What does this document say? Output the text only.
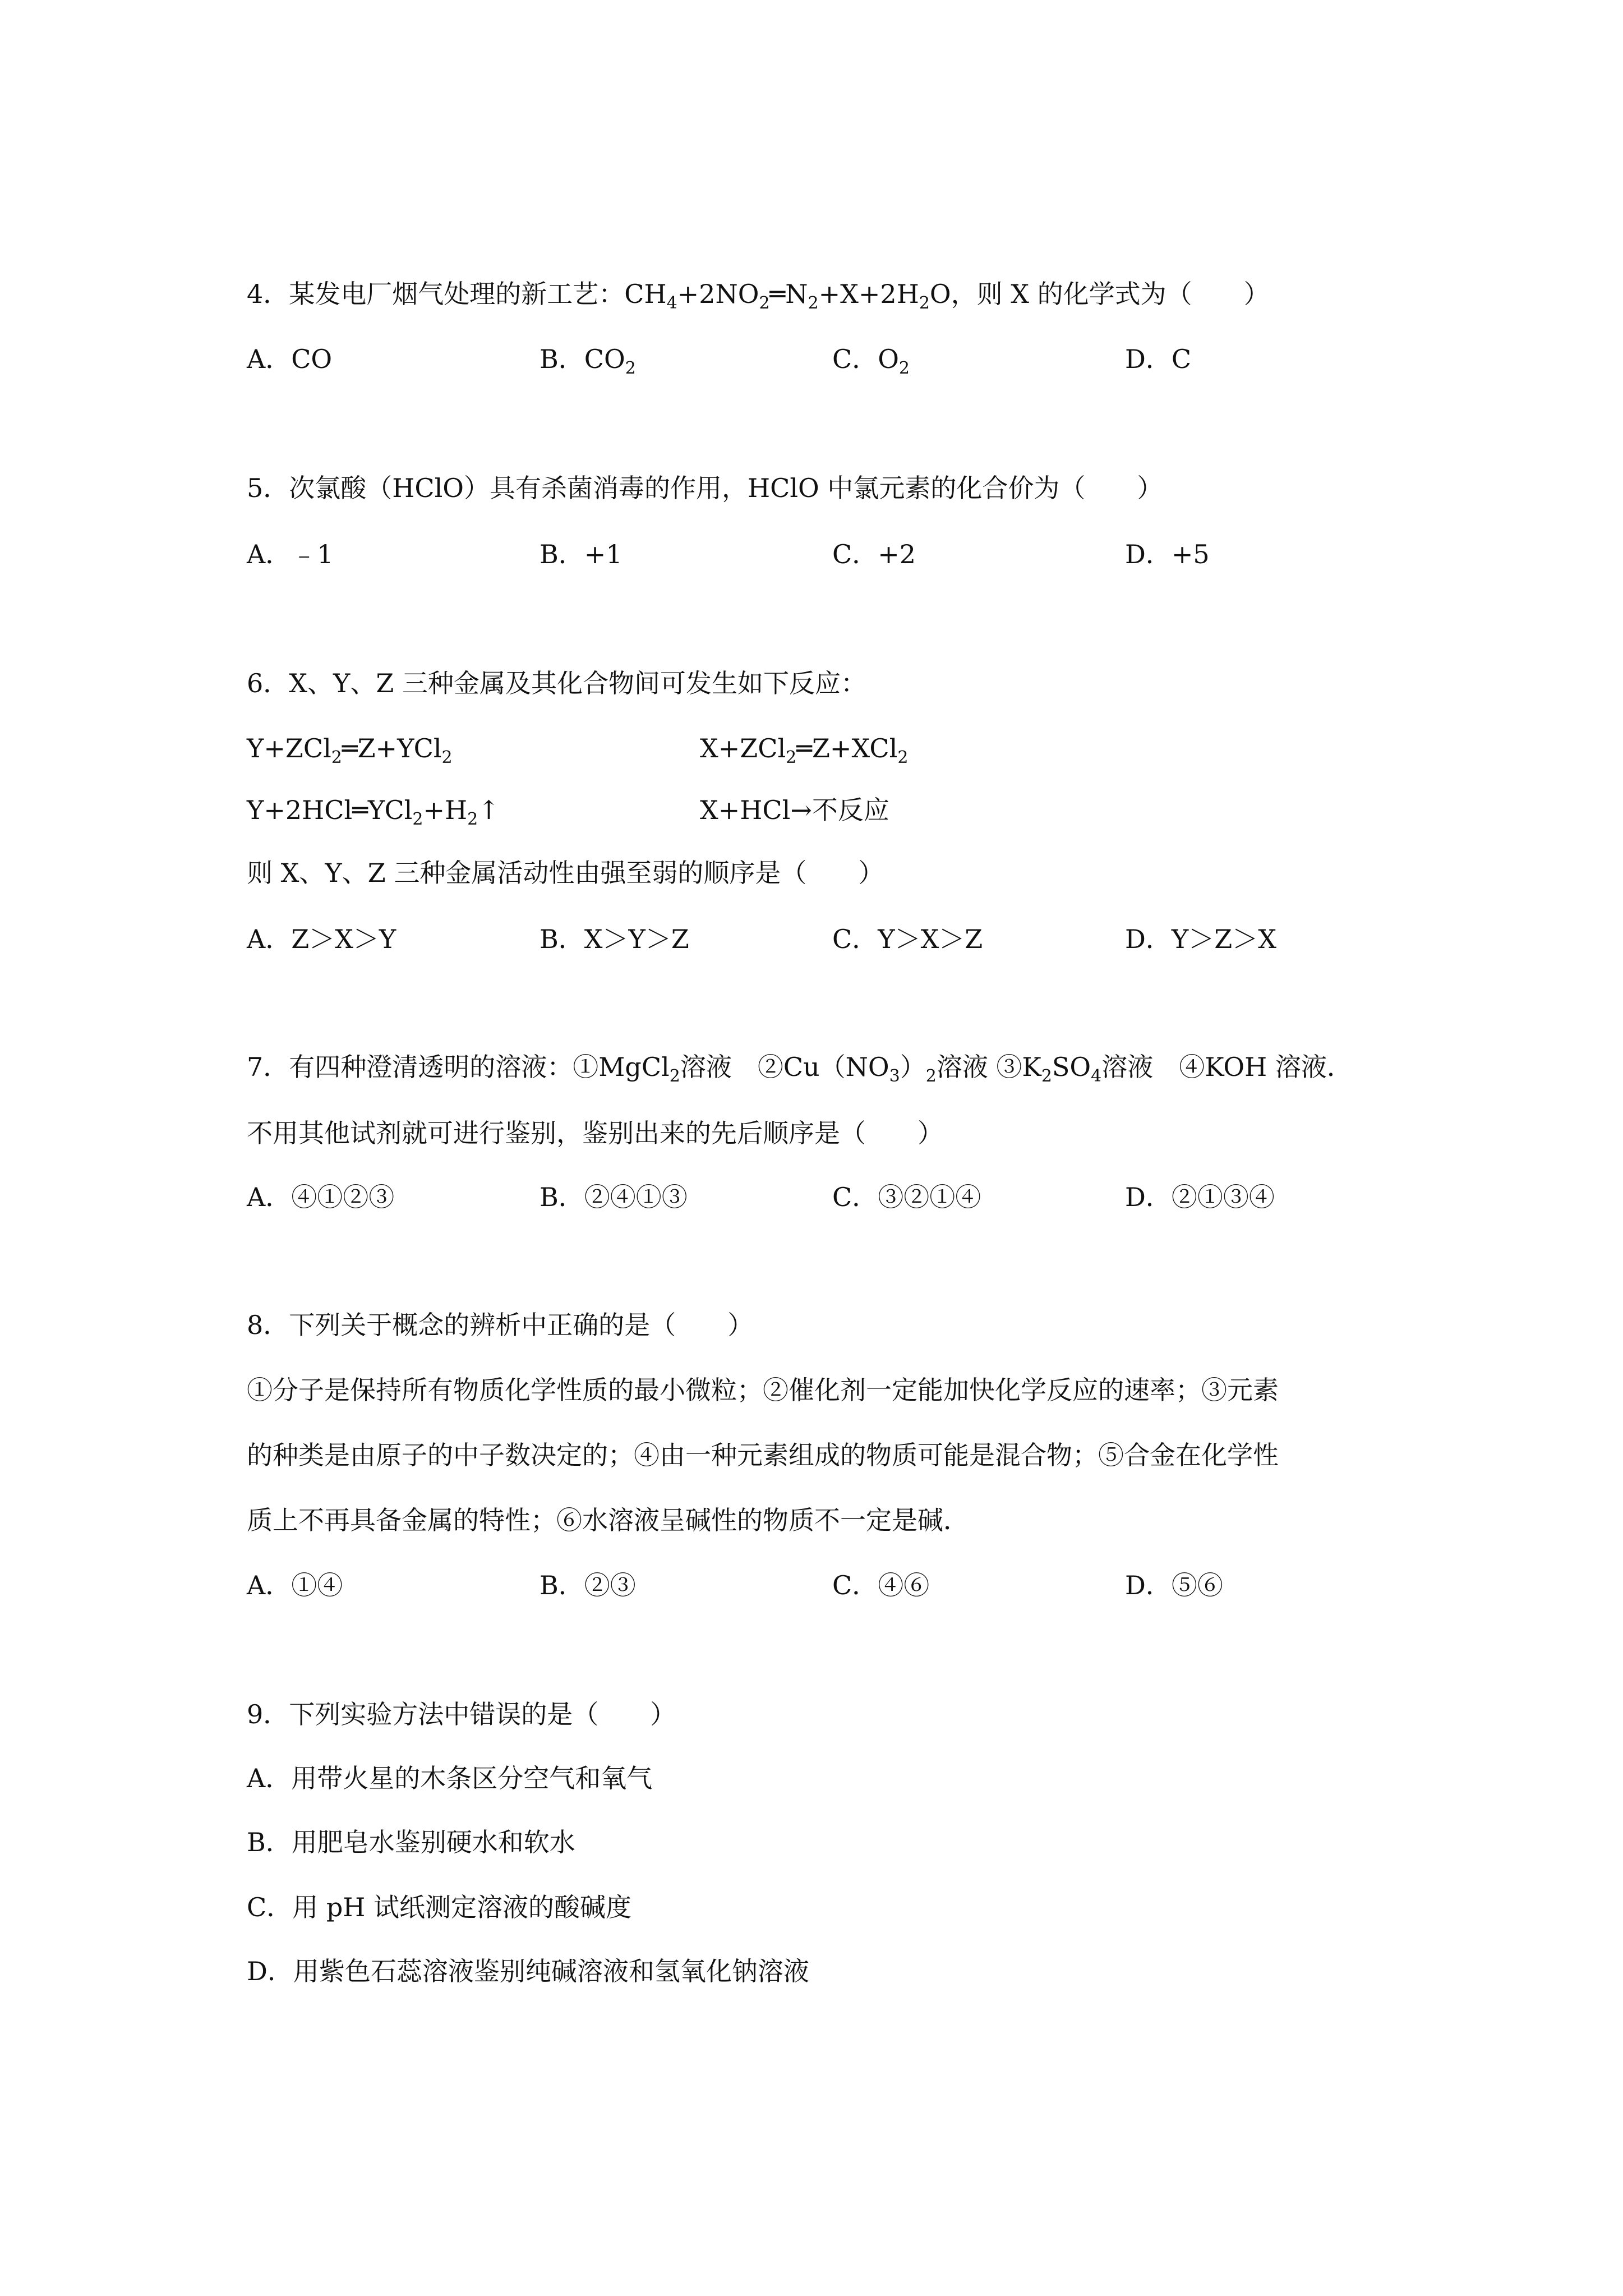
4．某发电厂烟气处理的新工艺：$CH_4+2NO_2═N_2+X+2H_2O$，则 X 的化学式为（　　）
A．CO	B．$CO_2$	C．$O_2$	D．C
5．次氯酸（HClO）具有杀菌消毒的作用，HClO 中氯元素的化合价为（　　）
A．﹣1	B．+1	C．+2	D．+5
6．X、Y、Z 三种金属及其化合物间可发生如下反应：
Y+ZCl$_2$═Z+YCl$_2$	X+ZCl$_2$═Z+XCl$_2$
$Y+2HCl═YCl_2+H_2↑$	X+HCl→不反应
则 X、Y、Z 三种金属活动性由强至弱的顺序是（　　）
A．Z＞X＞Y	B．X＞Y＞Z	C．Y＞X＞Z	D．Y＞Z＞X
7．有四种澄清透明的溶液：①MgCl$_2$溶液　$②Cu(NO_3)_2$溶液 $③K_2SO_4$溶液　④KOH 溶液．
不用其他试剂就可进行鉴别，鉴别出来的先后顺序是（　　）
A．④①②③	B．②④①③	C．③②①④	D．②①③④
8．下列关于概念的辨析中正确的是（　　）
①分子是保持所有物质化学性质的最小微粒；②催化剂一定能加快化学反应的速率；③元素
的种类是由原子的中子数决定的；④由一种元素组成的物质可能是混合物；⑤合金在化学性
质上不再具备金属的特性；⑥水溶液呈碱性的物质不一定是碱．
A．①④	B．②③	C．④⑥	D．⑤⑥
9．下列实验方法中错误的是（　　）
A．用带火星的木条区分空气和氧气
B．用肥皂水鉴别硬水和软水
C．用 pH 试纸测定溶液的酸碱度
D．用紫色石蕊溶液鉴别纯碱溶液和氢氧化钠溶液
